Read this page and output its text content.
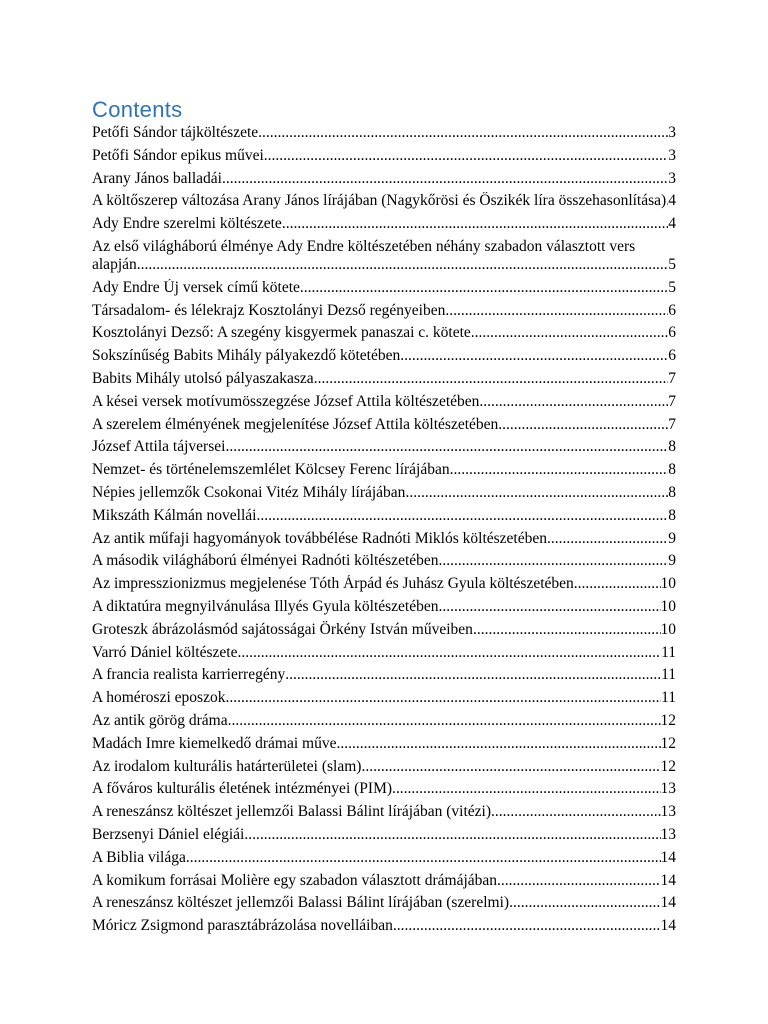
Contents
Petőfi Sándor tájköltészete .....	3
Petőfi Sándor epikus művei .....	3
Arany János balladái .....	3
A költőszerep változása Arany János lírájában (Nagykőrösi és Őszikék líra összehasonlítása) ..... 4
Ady Endre szerelmi költészete .....	4
Az első világháború élménye Ady Endre költészetében néhány szabadon választott vers alapján .....	5
Ady Endre Új versek című kötete .....	5
Társadalom- és lélekrajz Kosztolányi Dezső regényeiben .....	6
Kosztolányi Dezső: A szegény kisgyermek panaszai c. kötete .....	6
Sokszínűség Babits Mihály pályakezdő kötetében .....	6
Babits Mihály utolsó pályaszakasza .....	7
A kései versek motívumösszegzése József Attila költészetében .....	7
A szerelem élményének megjelenítése József Attila költészetében .....	7
József Attila tájversei .....	8
Nemzet- és történelemszemlélet Kölcsey Ferenc lírájában .....	8
Népies jellemzők Csokonai Vitéz Mihály lírájában .....	8
Mikszáth Kálmán novellái .....	8
Az antik műfaji hagyományok továbbélése Radnóti Miklós költészetében .....	9
A második világháború élményei Radnóti költészetében .....	9
Az impresszionizmus megjelenése Tóth Árpád és Juhász Gyula költészetében .....	10
A diktatúra megnyilvánulása Illyés Gyula költészetében .....	10
Groteszk ábrázolásmód sajátosságai Örkény István műveiben .....	10
Varró Dániel költészete .....	11
A francia realista karrierregény .....	11
A homéroszi eposzok .....	11
Az antik görög dráma .....	12
Madách Imre kiemelkedő drámai műve .....	12
Az irodalom kulturális határterületei (slam) .....	12
A főváros kulturális életének intézményei (PIM) .....	13
A reneszánsz költészet jellemzői Balassi Bálint lírájában (vitézi) .....	13
Berzsenyi Dániel elégiái .....	13
A Biblia világa .....	14
A komikum forrásai Molière egy szabadon választott drámájában .....	14
A reneszánsz költészet jellemzői Balassi Bálint lírájában (szerelmi) .....	14
Móricz Zsigmond parasztábrázolása novelláiban .....	14
